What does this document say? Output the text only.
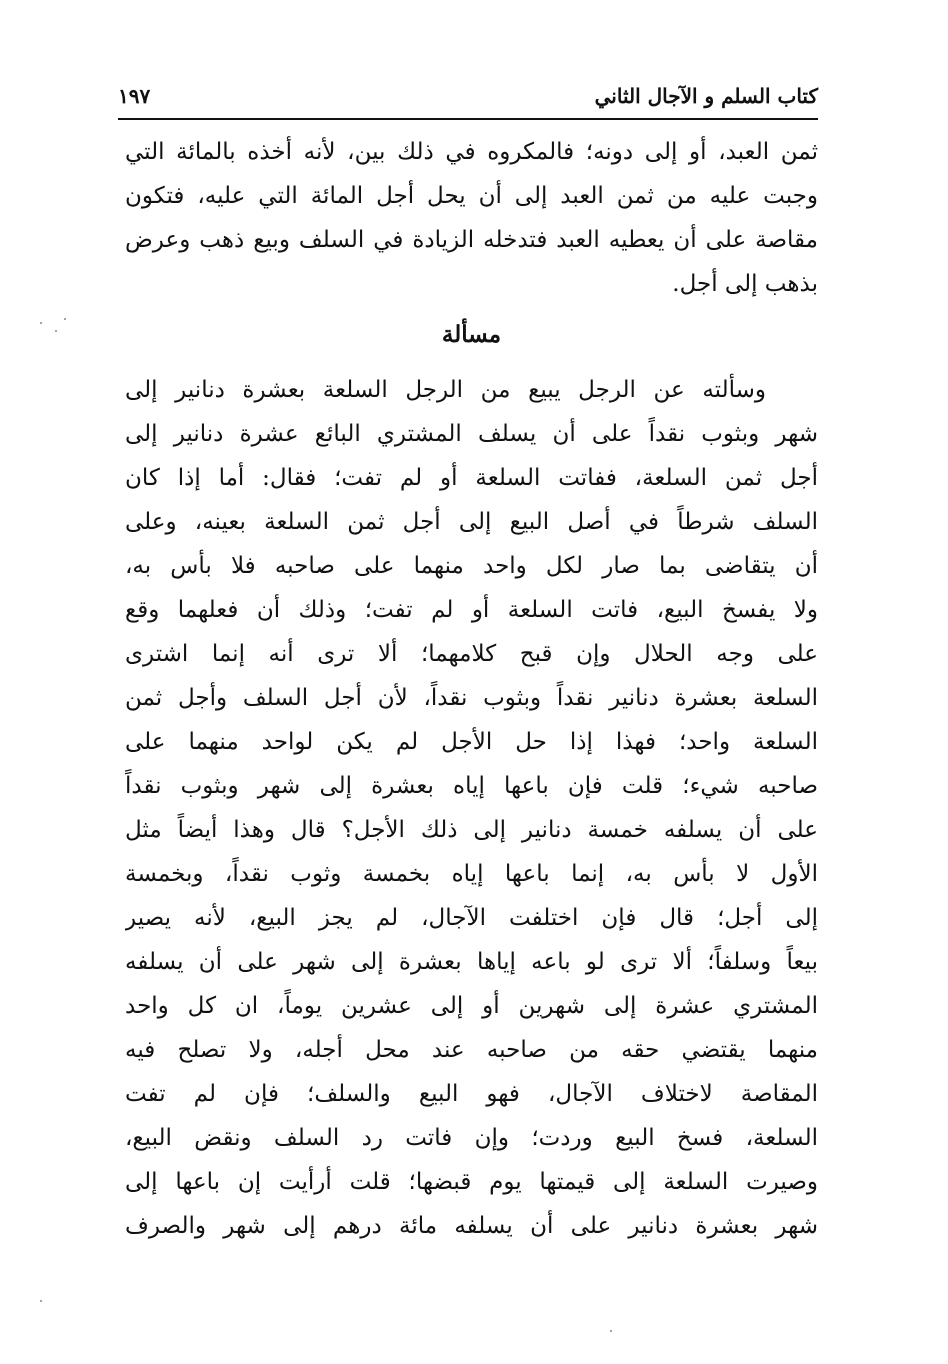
كتاب السلم و الآجال الثاني
١٩٧
ثمن العبد، أو إلى دونه؛ فالمكروه في ذلك بين، لأنه أخذه بالمائة التي
وجبت عليه من ثمن العبد إلى أن يحل أجل المائة التي عليه، فتكون
مقاصة على أن يعطيه العبد فتدخله الزيادة في السلف وبيع ذهب وعرض
بذهب إلى أجل.
مسألة
وسألته عن الرجل يبيع من الرجل السلعة بعشرة دنانير إلى
شهر وبثوب نقداً على أن يسلف المشتري البائع عشرة دنانير إلى
أجل ثمن السلعة، ففاتت السلعة أو لم تفت؛ فقال: أما إذا كان
السلف شرطاً في أصل البيع إلى أجل ثمن السلعة بعينه، وعلى
أن يتقاضى بما صار لكل واحد منهما على صاحبه فلا بأس به،
ولا يفسخ البيع، فاتت السلعة أو لم تفت؛ وذلك أن فعلهما وقع
على وجه الحلال وإن قبح كلامهما؛ ألا ترى أنه إنما اشترى
السلعة بعشرة دنانير نقداً وبثوب نقداً، لأن أجل السلف وأجل ثمن
السلعة واحد؛ فهذا إذا حل الأجل لم يكن لواحد منهما على
صاحبه شيء؛ قلت فإن باعها إياه بعشرة إلى شهر وبثوب نقداً
على أن يسلفه خمسة دنانير إلى ذلك الأجل؟ قال وهذا أيضاً مثل
الأول لا بأس به، إنما باعها إياه بخمسة وثوب نقداً، وبخمسة
إلى أجل؛ قال فإن اختلفت الآجال، لم يجز البيع، لأنه يصير
بيعاً وسلفاً؛ ألا ترى لو باعه إياها بعشرة إلى شهر على أن يسلفه
المشتري عشرة إلى شهرين أو إلى عشرين يوماً، ان كل واحد
منهما يقتضي حقه من صاحبه عند محل أجله، ولا تصلح فيه
المقاصة لاختلاف الآجال، فهو البيع والسلف؛ فإن لم تفت
السلعة، فسخ البيع وردت؛ وإن فاتت رد السلف ونقض البيع،
وصيرت السلعة إلى قيمتها يوم قبضها؛ قلت أرأيت إن باعها إلى
شهر بعشرة دنانير على أن يسلفه مائة درهم إلى شهر والصرف
